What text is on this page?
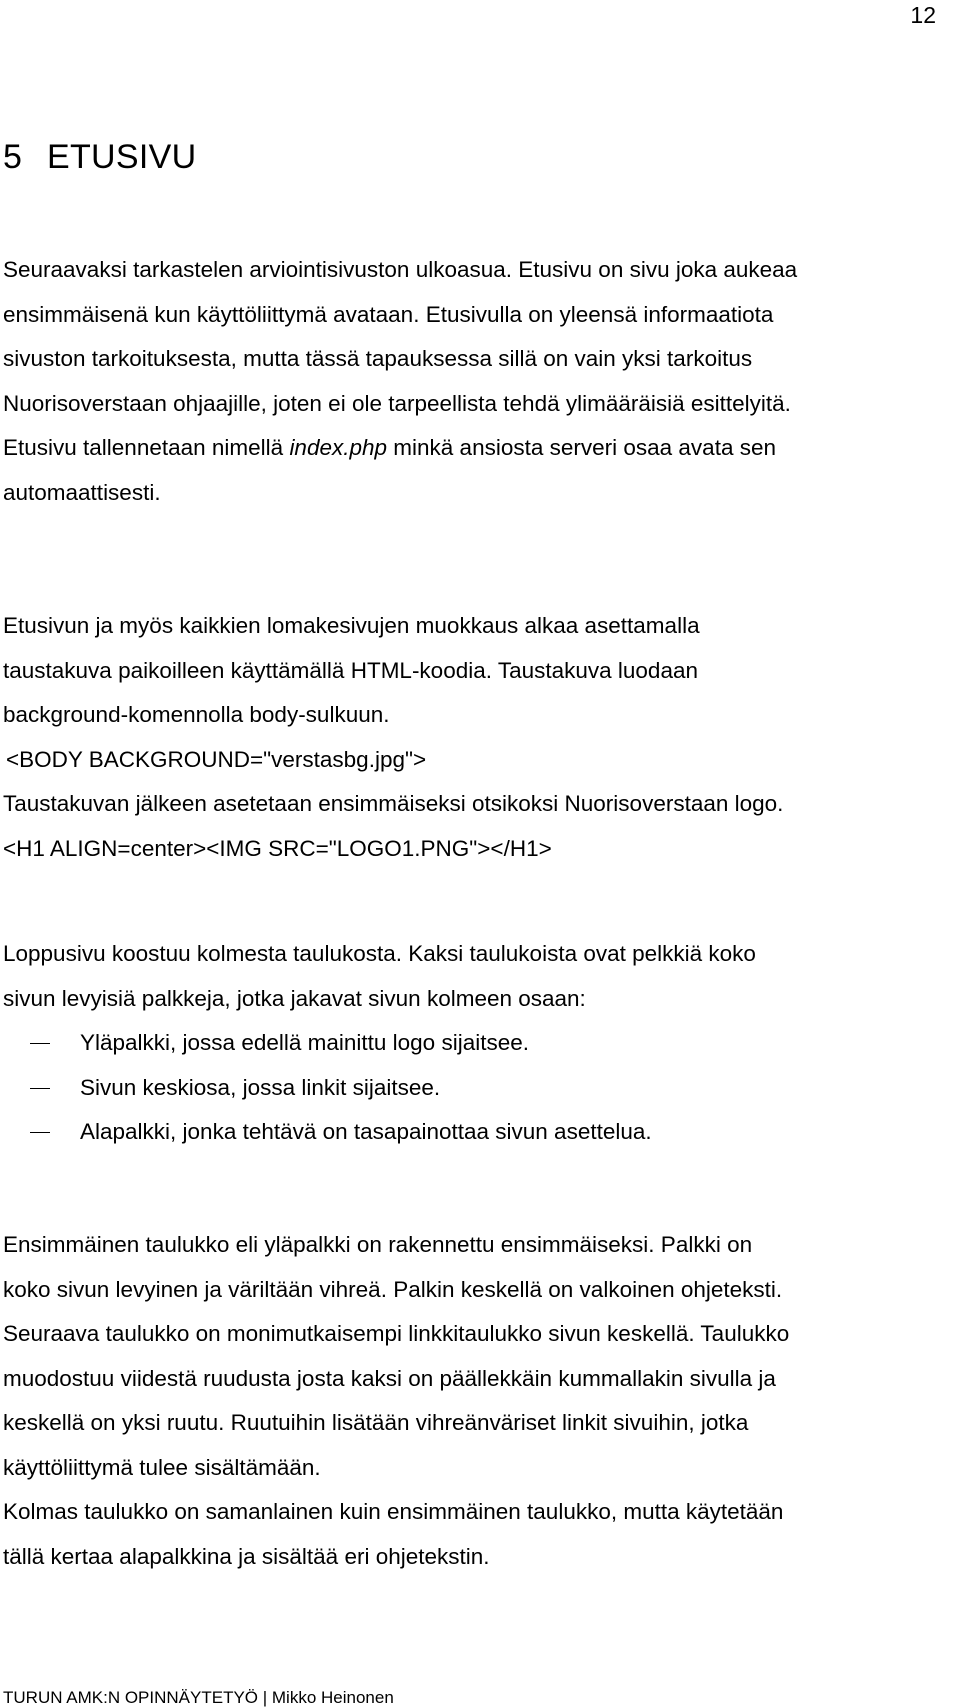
12
5 ETUSIVU

Seuraavaksi tarkastelen arviointisivuston ulkoasua. Etusivu on sivu joka aukeaa

ensimmäisenä kun käyttöliittymä avataan. Etusivulla on yleensä informaatiota

sivuston tarkoituksesta, mutta tässä tapauksessa sillä on vain yksi tarkoitus

Nuorisoverstaan ohjaajille, joten ei ole tarpeellista tehdä ylimääräisiä esittelyitä.

Etusivu tallennetaan nimellä index.php minkä ansiosta serveri osaa avata sen

automaattisesti.

Etusivun ja myös kaikkien lomakesivujen muokkaus alkaa asettamalla

taustakuva paikoilleen käyttämällä HTML-koodia. Taustakuva luodaan

background-komennolla body-sulkuun.

<BODY BACKGROUND="verstasbg.jpg">

Taustakuvan jälkeen asetetaan ensimmäiseksi otsikoksi Nuorisoverstaan logo.

<H1 ALIGN=center><IMG SRC="LOGO1.PNG"></H1>

Loppusivu koostuu kolmesta taulukosta. Kaksi taulukoista ovat pelkkiä koko

sivun levyisiä palkkeja, jotka jakavat sivun kolmeen osaan:

Yläpalkki, jossa edellä mainittu logo sijaitsee.
Sivun keskiosa, jossa linkit sijaitsee.
Alapalkki, jonka tehtävä on tasapainottaa sivun asettelua.

Ensimmäinen taulukko eli yläpalkki on rakennettu ensimmäiseksi. Palkki on

koko sivun levyinen ja väriltään vihreä. Palkin keskellä on valkoinen ohjeteksti.

Seuraava taulukko on monimutkaisempi linkkitaulukko sivun keskellä. Taulukko

muodostuu viidestä ruudusta josta kaksi on päällekkäin kummallakin sivulla ja

keskellä on yksi ruutu. Ruutuihin lisätään vihreänväriset linkit sivuihin, jotka

käyttöliittymä tulee sisältämään.

Kolmas taulukko on samanlainen kuin ensimmäinen taulukko, mutta käytetään

tällä kertaa alapalkkina ja sisältää eri ohjetekstin.

TURUN AMK:N OPINNÄYTETYÖ | Mikko Heinonen
